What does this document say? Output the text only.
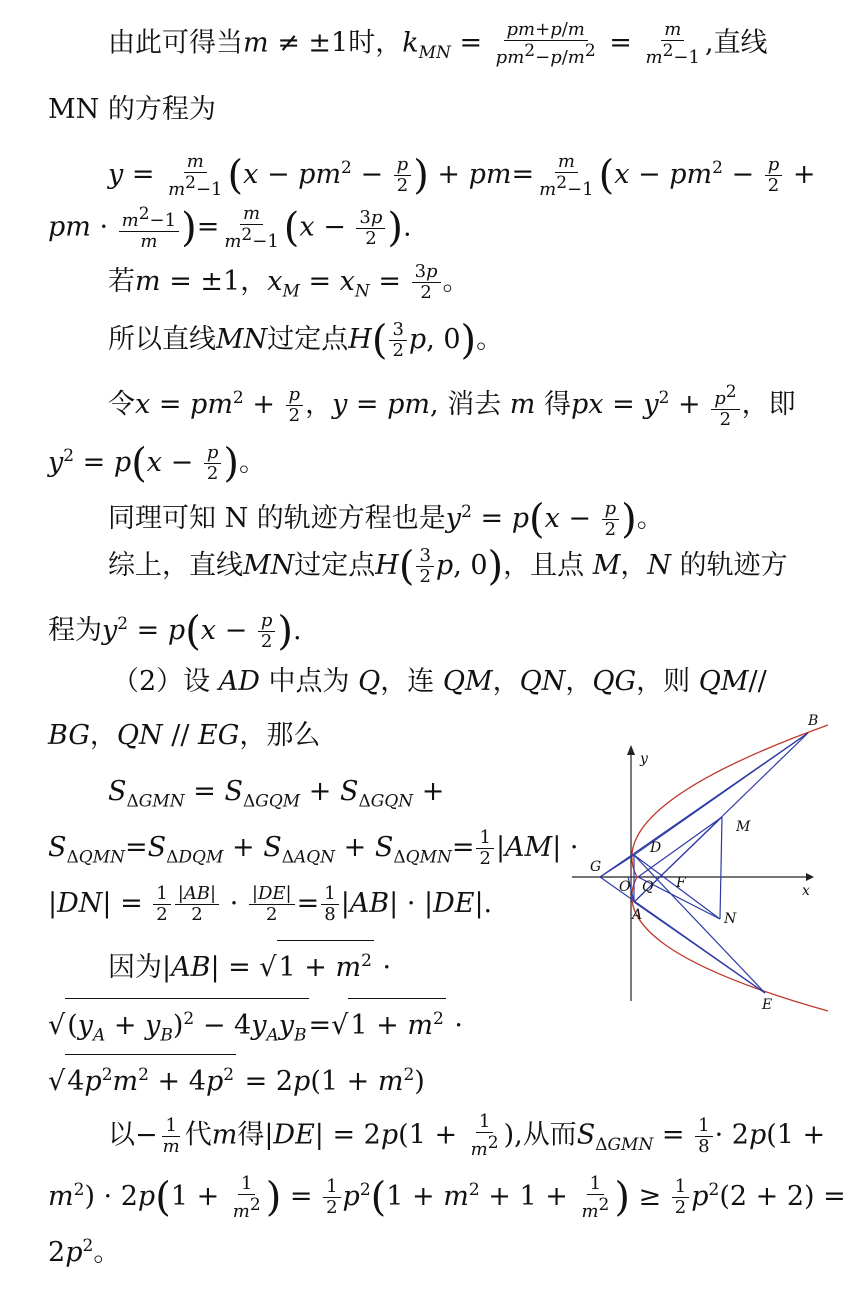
由此可得当m ≠ ±1时，$k_{MN} = \frac{pm+p/m}{pm^2-p/m^2} = \frac{m}{m^2-1}$ ,直线
MN 的方程为
$y = \frac{m}{m^2-1} (x - pm^2 - \frac{p}{2}$ ) + $pm= \frac{m}{m^2-1} (x - pm^2 - \frac{p}{2}$ +
pm · $\frac{m^2-1}{m}$ )= $\frac{m}{m^2-1} (x - \frac{3p}{2}$ ).
若m = ±1，$x_M = x_N = \frac{3p}{2}$ 。
所以直线MN过定点$H( \frac{3}{2} p$, 0)。
令$x = pm^2 + \frac{p}{2}$ ，y = pm, 消去 m 得px = $y^2 + \frac{p^2}{2}$ ，即
$y^2 = p(x - \frac{p}{2}$ )。
同理可知 N 的轨迹方程也是$y^2 = p(x - \frac{p}{2}$ )。
综上，直线MN过定点$H( \frac{3}{2} p$, 0)，且点 M，N 的轨迹方
程为$y^2 = p(x - \frac{p}{2}$ ).
（2）设 AD 中点为 Q，连 QM，QN，QG，则 QM//
BG，QN // EG，那么
$S_{\Delta GMN} = S_{\Delta GQM} + S_{\Delta GQN}$ +
$S_{\Delta QMN}=S_{\Delta DQM} + S_{\Delta AQN} + S_{\Delta QMN}= \frac{1}{2} |AM|$ ·
$|DN| = \frac{1}{2} \frac{|AB|}{2} \cdot \frac{|DE|}{2} = \frac{1}{8} |AB| \cdot |DE|$.
因为$|AB| = √1 + m^2$ ·
$√(y_A + y_B)^2 - 4y_Ay_B=√1 + m^2$ ·
$√4p^2m^2 + 4p^2 = 2p(1 + m^2)$
以− $\frac{1}{m}$ 代m得$|DE| = 2p(1 + \frac{1}{m^2}$ ),从而$S_{\Delta GMN} = \frac{1}{8} \cdot 2p(1$ +
$m^2) \cdot 2p(1 + \frac{1}{m^2}$ ) = $\frac{1}{2} p^2(1 + m^2 + 1 + \frac{1}{m^2}$ ) ≥ $\frac{1}{2} p^2(2 + 2)$ =
$2p^2$。
B
M
D
G
O Q F
A	N
E
x
y
